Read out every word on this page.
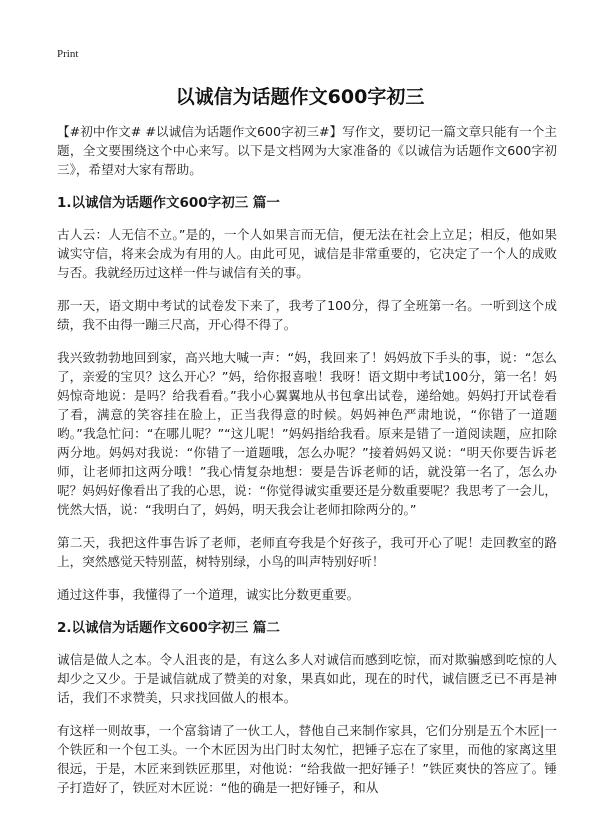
Print
以诚信为话题作文600字初三

【#初中作文# #以诚信为话题作文600字初三#】写作文，要切记一篇文章只能有一个主题，全文要围绕这个中心来写。以下是文档网为大家准备的《以诚信为话题作文600字初三》，希望对大家有帮助。

1.以诚信为话题作文600字初三 篇一

古人云：人无信不立。”是的，一个人如果言而无信，便无法在社会上立足；相反，他如果诚实守信，将来会成为有用的人。由此可见，诚信是非常重要的，它决定了一个人的成败与否。我就经历过这样一件与诚信有关的事。

那一天，语文期中考试的试卷发下来了，我考了100分，得了全班第一名。一听到这个成绩，我不由得一蹦三尺高，开心得不得了。

我兴致勃勃地回到家，高兴地大喊一声：“妈，我回来了！妈妈放下手头的事，说：“怎么了，亲爱的宝贝？这么开心？”妈，给你报喜啦！我呀！语文期中考试100分，第一名！妈妈惊奇地说：是吗？给我看看。”我小心翼翼地从书包拿出试卷，递给她。妈妈打开试卷看了看，满意的笑容挂在脸上，正当我得意的时候。妈妈神色严肃地说，“你错了一道题哟。”我急忙问：“在哪儿呢？”“这儿呢！”妈妈指给我看。原来是错了一道阅读题，应扣除两分地。妈妈对我说：“你错了一道题哦，怎么办呢？”接着妈妈又说：“明天你要告诉老师，让老师扣这两分哦！”我心情复杂地想：要是告诉老师的话，就没第一名了，怎么办呢？妈妈好像看出了我的心思，说：“你觉得诚实重要还是分数重要呢？我思考了一会儿，恍然大悟，说：“我明白了，妈妈，明天我会让老师扣除两分的。”

第二天，我把这件事告诉了老师，老师直夸我是个好孩子，我可开心了呢！走回教室的路上，突然感觉天特别蓝，树特别绿，小鸟的叫声特别好听！

通过这件事，我懂得了一个道理，诚实比分数更重要。

2.以诚信为话题作文600字初三 篇二

诚信是做人之本。令人沮丧的是，有这么多人对诚信而感到吃惊，而对欺骗感到吃惊的人却少之又少。于是诚信就成了赞美的对象，果真如此，现在的时代，诚信匮乏已不再是神话，我们不求赞美，只求找回做人的根本。

有这样一则故事，一个富翁请了一伙工人，替他自己来制作家具，它们分别是五个木匠|一个铁匠和一个包工头。一个木匠因为出门时太匆忙，把锤子忘在了家里，而他的家离这里很远，于是，木匠来到铁匠那里，对他说：“给我做一把好锤子！”铁匠爽快的答应了。锤子打造好了，铁匠对木匠说：“他的确是一把好锤子，和从
